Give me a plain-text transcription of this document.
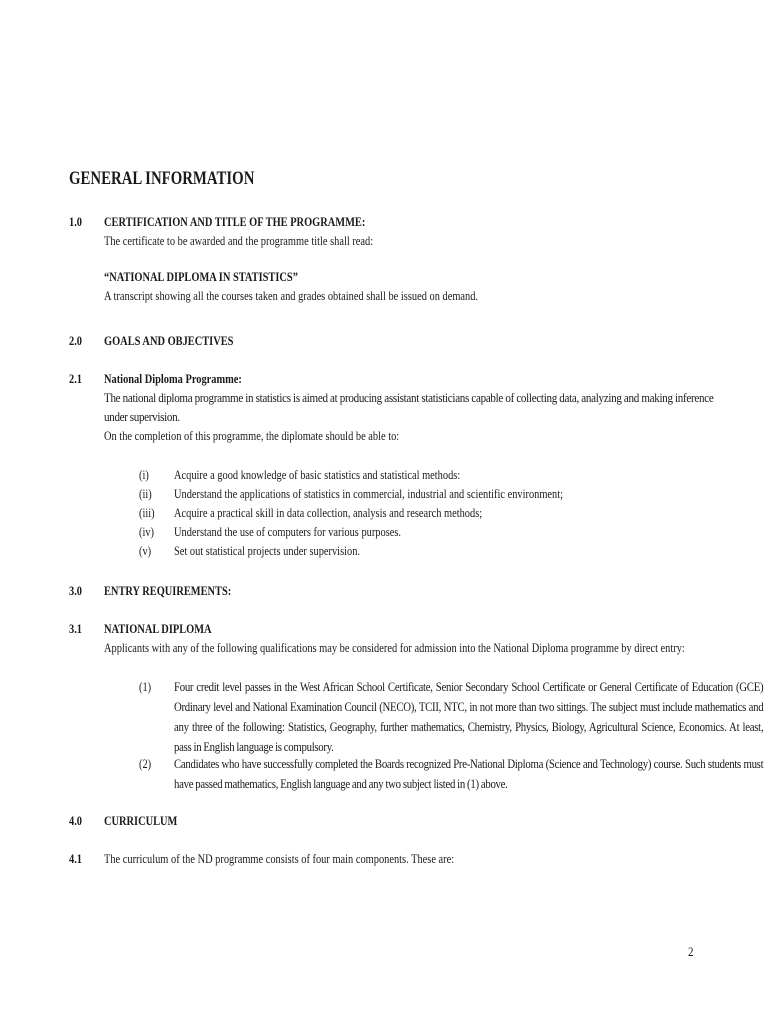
GENERAL INFORMATION
1.0 CERTIFICATION AND TITLE OF THE PROGRAMME:
The certificate to be awarded and the programme title shall read:
“NATIONAL DIPLOMA IN STATISTICS”
A transcript showing all the courses taken and grades obtained shall be issued on demand.
2.0 GOALS AND OBJECTIVES
2.1 National Diploma Programme:
The national diploma programme in statistics is aimed at producing assistant statisticians capable of collecting data, analyzing and making inference under supervision.
On the completion of this programme, the diplomate should be able to:
(i) Acquire a good knowledge of basic statistics and statistical methods:
(ii) Understand the applications of statistics in commercial, industrial and scientific environment;
(iii) Acquire a practical skill in data collection, analysis and research methods;
(iv) Understand the use of computers for various purposes.
(v) Set out statistical projects under supervision.
3.0 ENTRY REQUIREMENTS:
3.1 NATIONAL DIPLOMA
Applicants with any of the following qualifications may be considered for admission into the National Diploma programme by direct entry:
(1) Four credit level passes in the West African School Certificate, Senior Secondary School Certificate or General Certificate of Education (GCE) Ordinary level and National Examination Council (NECO), TCII, NTC, in not more than two sittings. The subject must include mathematics and any three of the following: Statistics, Geography, further mathematics, Chemistry, Physics, Biology, Agricultural Science, Economics. At least, pass in English language is compulsory.
(2) Candidates who have successfully completed the Boards recognized Pre-National Diploma (Science and Technology) course. Such students must have passed mathematics, English language and any two subject listed in (1) above.
4.0 CURRICULUM
4.1 The curriculum of the ND programme consists of four main components. These are:
2
